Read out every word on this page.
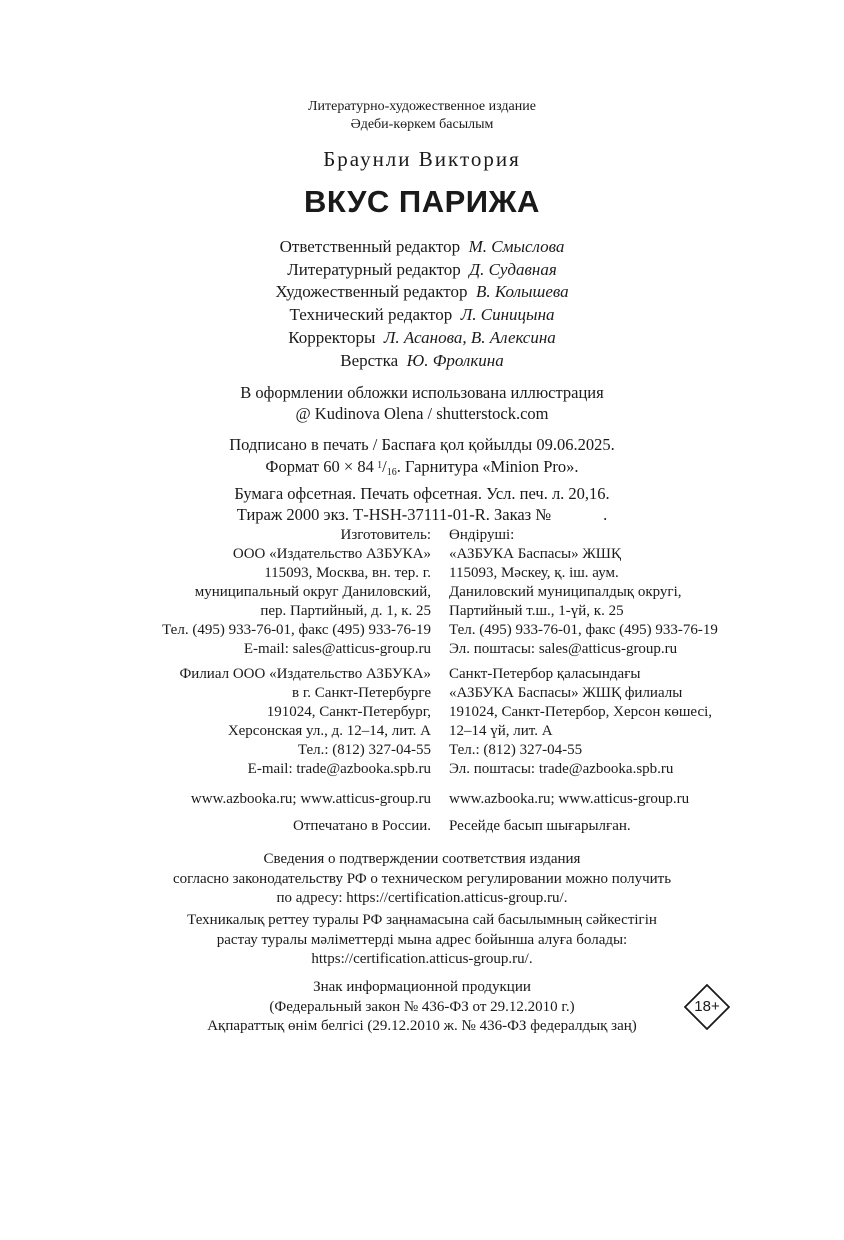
Литературно-художественное издание
Әдеби-көркем басылым
Браунли Виктория
ВКУС ПАРИЖА
Ответственный редактор М. Смыслова
Литературный редактор Д. Судавная
Художественный редактор В. Колышева
Технический редактор Л. Синицына
Корректоры Л. Асанова, В. Алексина
Верстка Ю. Фролкина
В оформлении обложки использована иллюстрация
@ Kudinova Olena / shutterstock.com
Подписано в печать / Баспаға қол қойылды 09.06.2025.
Формат 60 × 84  $^1/_{16}$. Гарнитура «Minion Pro».
Бумага офсетная. Печать офсетная. Усл. печ. л. 20,16.
Тираж 2000 экз. Т-HSH-37111-01-R. Заказ №	.
Изготовитель:
ООО «Издательство АЗБУКА»
115093, Москва, вн. тер. г.
муниципальный округ Даниловский,
пер. Партийный, д. 1, к. 25
Тел. (495) 933-76-01, факс (495) 933-76-19
E-mail: sales@atticus-group.ru
Өндіруші:
«АЗБУКА Баспасы» ЖШҚ
115093, Мәскеу, қ. іш. аум.
Даниловский муниципалдық округі,
Партийный т.ш., 1-үй, к. 25
Тел. (495) 933-76-01, факс (495) 933-76-19
Эл. поштасы: sales@atticus-group.ru
Филиал ООО «Издательство АЗБУКА»
в г. Санкт-Петербурге
191024, Санкт-Петербург,
Херсонская ул., д. 12–14, лит. А
Тел.: (812) 327-04-55
E-mail: trade@azbooka.spb.ru
Санкт-Петербор қаласындағы
«АЗБУКА Баспасы» ЖШҚ филиалы
191024, Санкт-Петербор, Херсон көшесі,
12–14 үй, лит. А
Тел.: (812) 327-04-55
Эл. поштасы: trade@azbooka.spb.ru
www.azbooka.ru; www.atticus-group.ru www.azbooka.ru; www.atticus-group.ru
Отпечатано в России. Ресейде басып шығарылған.
Сведения о подтверждении соответствия издания
согласно законодательству РФ о техническом регулировании можно получить
по адресу: https://certification.atticus-group.ru/.
Техникалық реттеу туралы РФ заңнамасына сай басылымның сәйкестігін
растау туралы мәліметтерді мына адрес бойынша алуға болады:
https://certification.atticus-group.ru/.
Знак информационной продукции
(Федеральный закон № 436-ФЗ от 29.12.2010 г.)
Ақпараттық өнім белгісі (29.12.2010 ж. № 436-ФЗ федералдық заң)
18+
